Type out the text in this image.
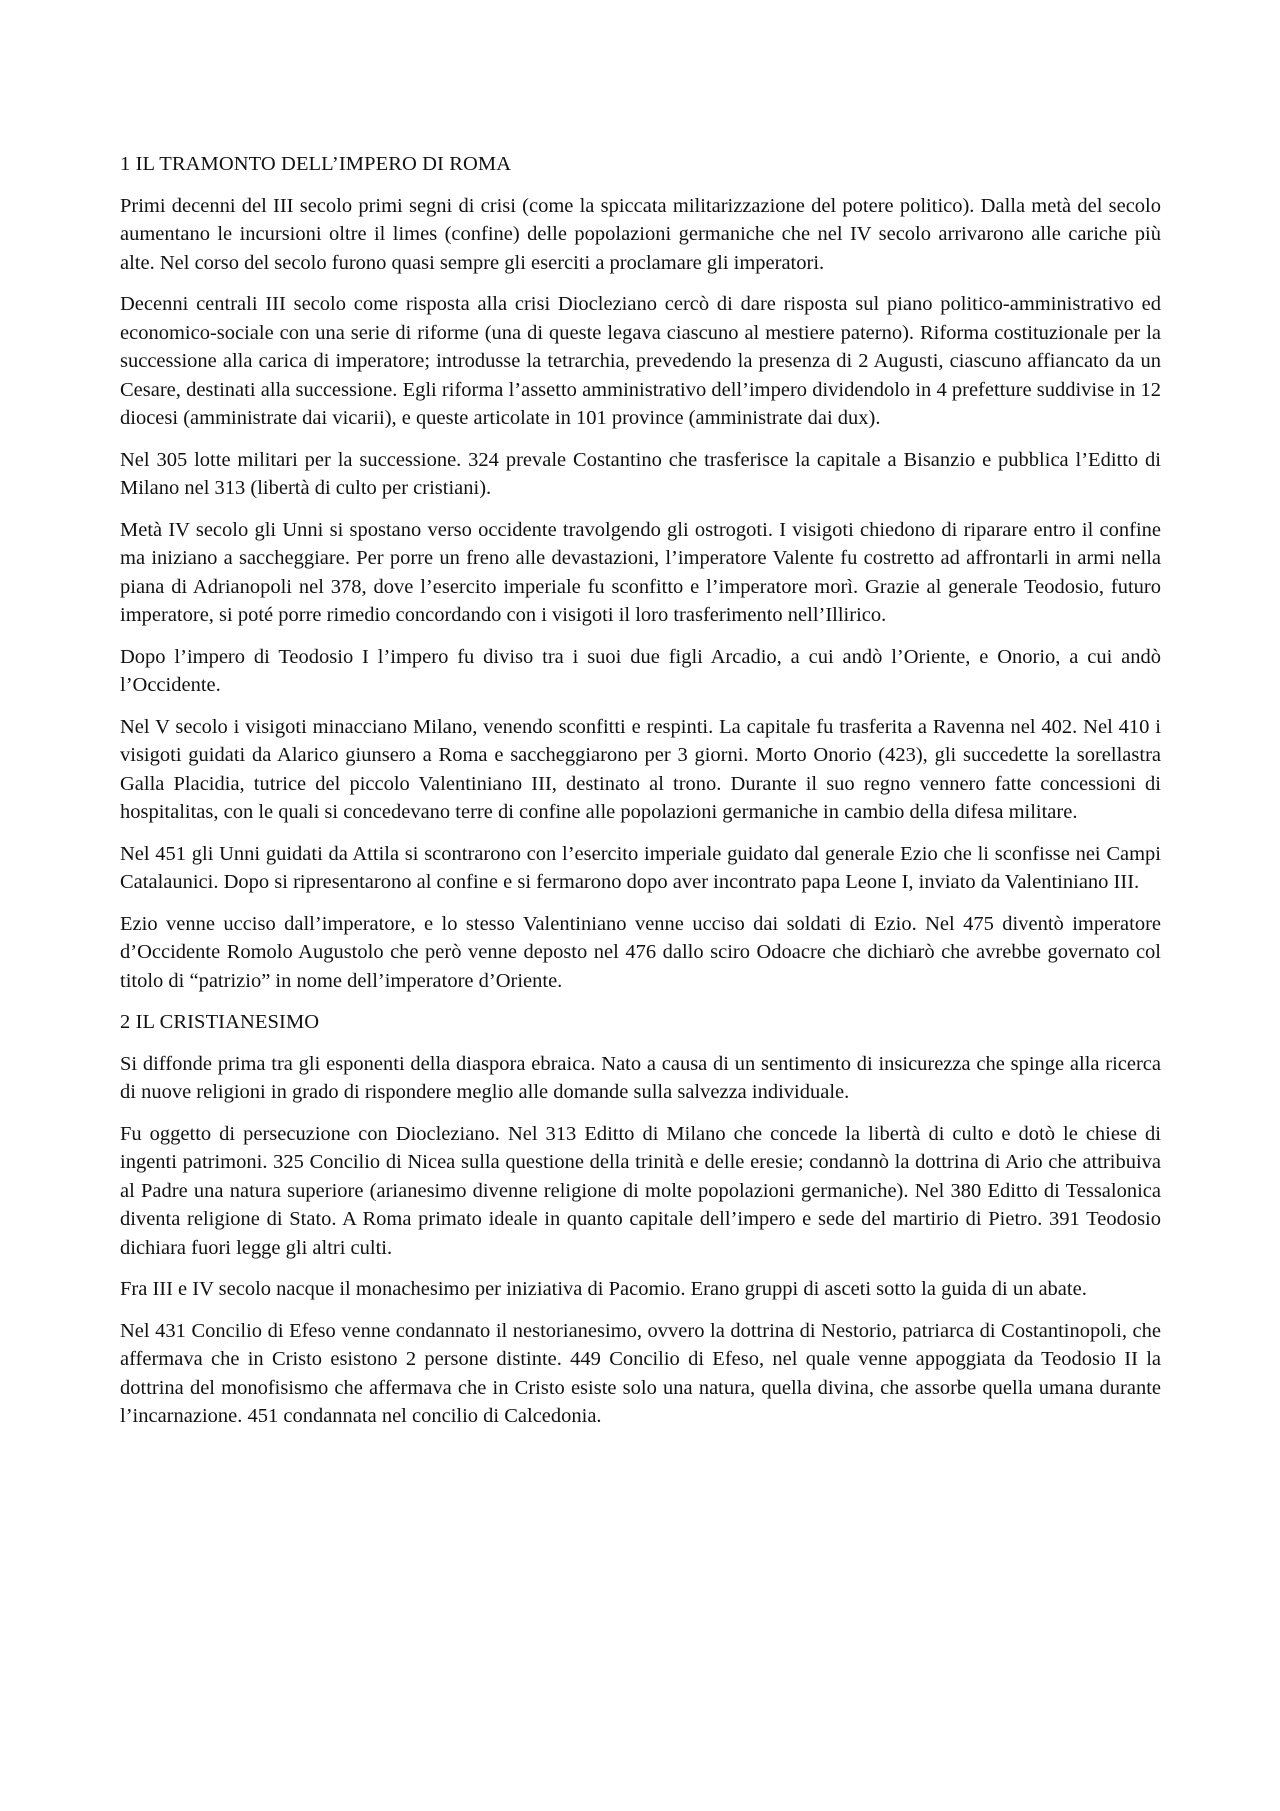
1 IL TRAMONTO DELL’IMPERO DI ROMA

Primi decenni del III secolo primi segni di crisi (come la spiccata militarizzazione del potere politico). Dalla metà del secolo aumentano le incursioni oltre il limes (confine) delle popolazioni germaniche che nel IV secolo arrivarono alle cariche più alte. Nel corso del secolo furono quasi sempre gli eserciti a proclamare gli imperatori.

Decenni centrali III secolo come risposta alla crisi Diocleziano cercò di dare risposta sul piano politico-amministrativo ed economico-sociale con una serie di riforme (una di queste legava ciascuno al mestiere paterno). Riforma costituzionale per la successione alla carica di imperatore; introdusse la tetrarchia, prevedendo la presenza di 2 Augusti, ciascuno affiancato da un Cesare, destinati alla successione. Egli riforma l’assetto amministrativo dell’impero dividendolo in 4 prefetture suddivise in 12 diocesi (amministrate dai vicarii), e queste articolate in 101 province (amministrate dai dux).

Nel 305 lotte militari per la successione. 324 prevale Costantino che trasferisce la capitale a Bisanzio e pubblica l’Editto di Milano nel 313 (libertà di culto per cristiani).

Metà IV secolo gli Unni si spostano verso occidente travolgendo gli ostrogoti. I visigoti chiedono di riparare entro il confine ma iniziano a saccheggiare. Per porre un freno alle devastazioni, l’imperatore Valente fu costretto ad affrontarli in armi nella piana di Adrianopoli nel 378, dove l’esercito imperiale fu sconfitto e l’imperatore morì. Grazie al generale Teodosio, futuro imperatore, si poté porre rimedio concordando con i visigoti il loro trasferimento nell’Illirico.

Dopo l’impero di Teodosio I l’impero fu diviso tra i suoi due figli Arcadio, a cui andò l’Oriente, e Onorio, a cui andò l’Occidente.

Nel V secolo i visigoti minacciano Milano, venendo sconfitti e respinti. La capitale fu trasferita a Ravenna nel 402. Nel 410 i visigoti guidati da Alarico giunsero a Roma e saccheggiarono per 3 giorni. Morto Onorio (423), gli succedette la sorellastra Galla Placidia, tutrice del piccolo Valentiniano III, destinato al trono. Durante il suo regno vennero fatte concessioni di hospitalitas, con le quali si concedevano terre di confine alle popolazioni germaniche in cambio della difesa militare.

Nel 451 gli Unni guidati da Attila si scontrarono con l’esercito imperiale guidato dal generale Ezio che li sconfisse nei Campi Catalaunici. Dopo si ripresentarono al confine e si fermarono dopo aver incontrato papa Leone I, inviato da Valentiniano III.

Ezio venne ucciso dall’imperatore, e lo stesso Valentiniano venne ucciso dai soldati di Ezio. Nel 475 diventò imperatore d’Occidente Romolo Augustolo che però venne deposto nel 476 dallo sciro Odoacre che dichiarò che avrebbe governato col titolo di “patrizio” in nome dell’imperatore d’Oriente.

2 IL CRISTIANESIMO

Si diffonde prima tra gli esponenti della diaspora ebraica. Nato a causa di un sentimento di insicurezza che spinge alla ricerca di nuove religioni in grado di rispondere meglio alle domande sulla salvezza individuale.

Fu oggetto di persecuzione con Diocleziano. Nel 313 Editto di Milano che concede la libertà di culto e dotò le chiese di ingenti patrimoni. 325 Concilio di Nicea sulla questione della trinità e delle eresie; condannò la dottrina di Ario che attribuiva al Padre una natura superiore (arianesimo divenne religione di molte popolazioni germaniche). Nel 380 Editto di Tessalonica diventa religione di Stato. A Roma primato ideale in quanto capitale dell’impero e sede del martirio di Pietro. 391 Teodosio dichiara fuori legge gli altri culti.

Fra III e IV secolo nacque il monachesimo per iniziativa di Pacomio. Erano gruppi di asceti sotto la guida di un abate.

Nel 431 Concilio di Efeso venne condannato il nestorianesimo, ovvero la dottrina di Nestorio, patriarca di Costantinopoli, che affermava che in Cristo esistono 2 persone distinte. 449 Concilio di Efeso, nel quale venne appoggiata da Teodosio II la dottrina del monofisismo che affermava che in Cristo esiste solo una natura, quella divina, che assorbe quella umana durante l’incarnazione. 451 condannata nel concilio di Calcedonia.
